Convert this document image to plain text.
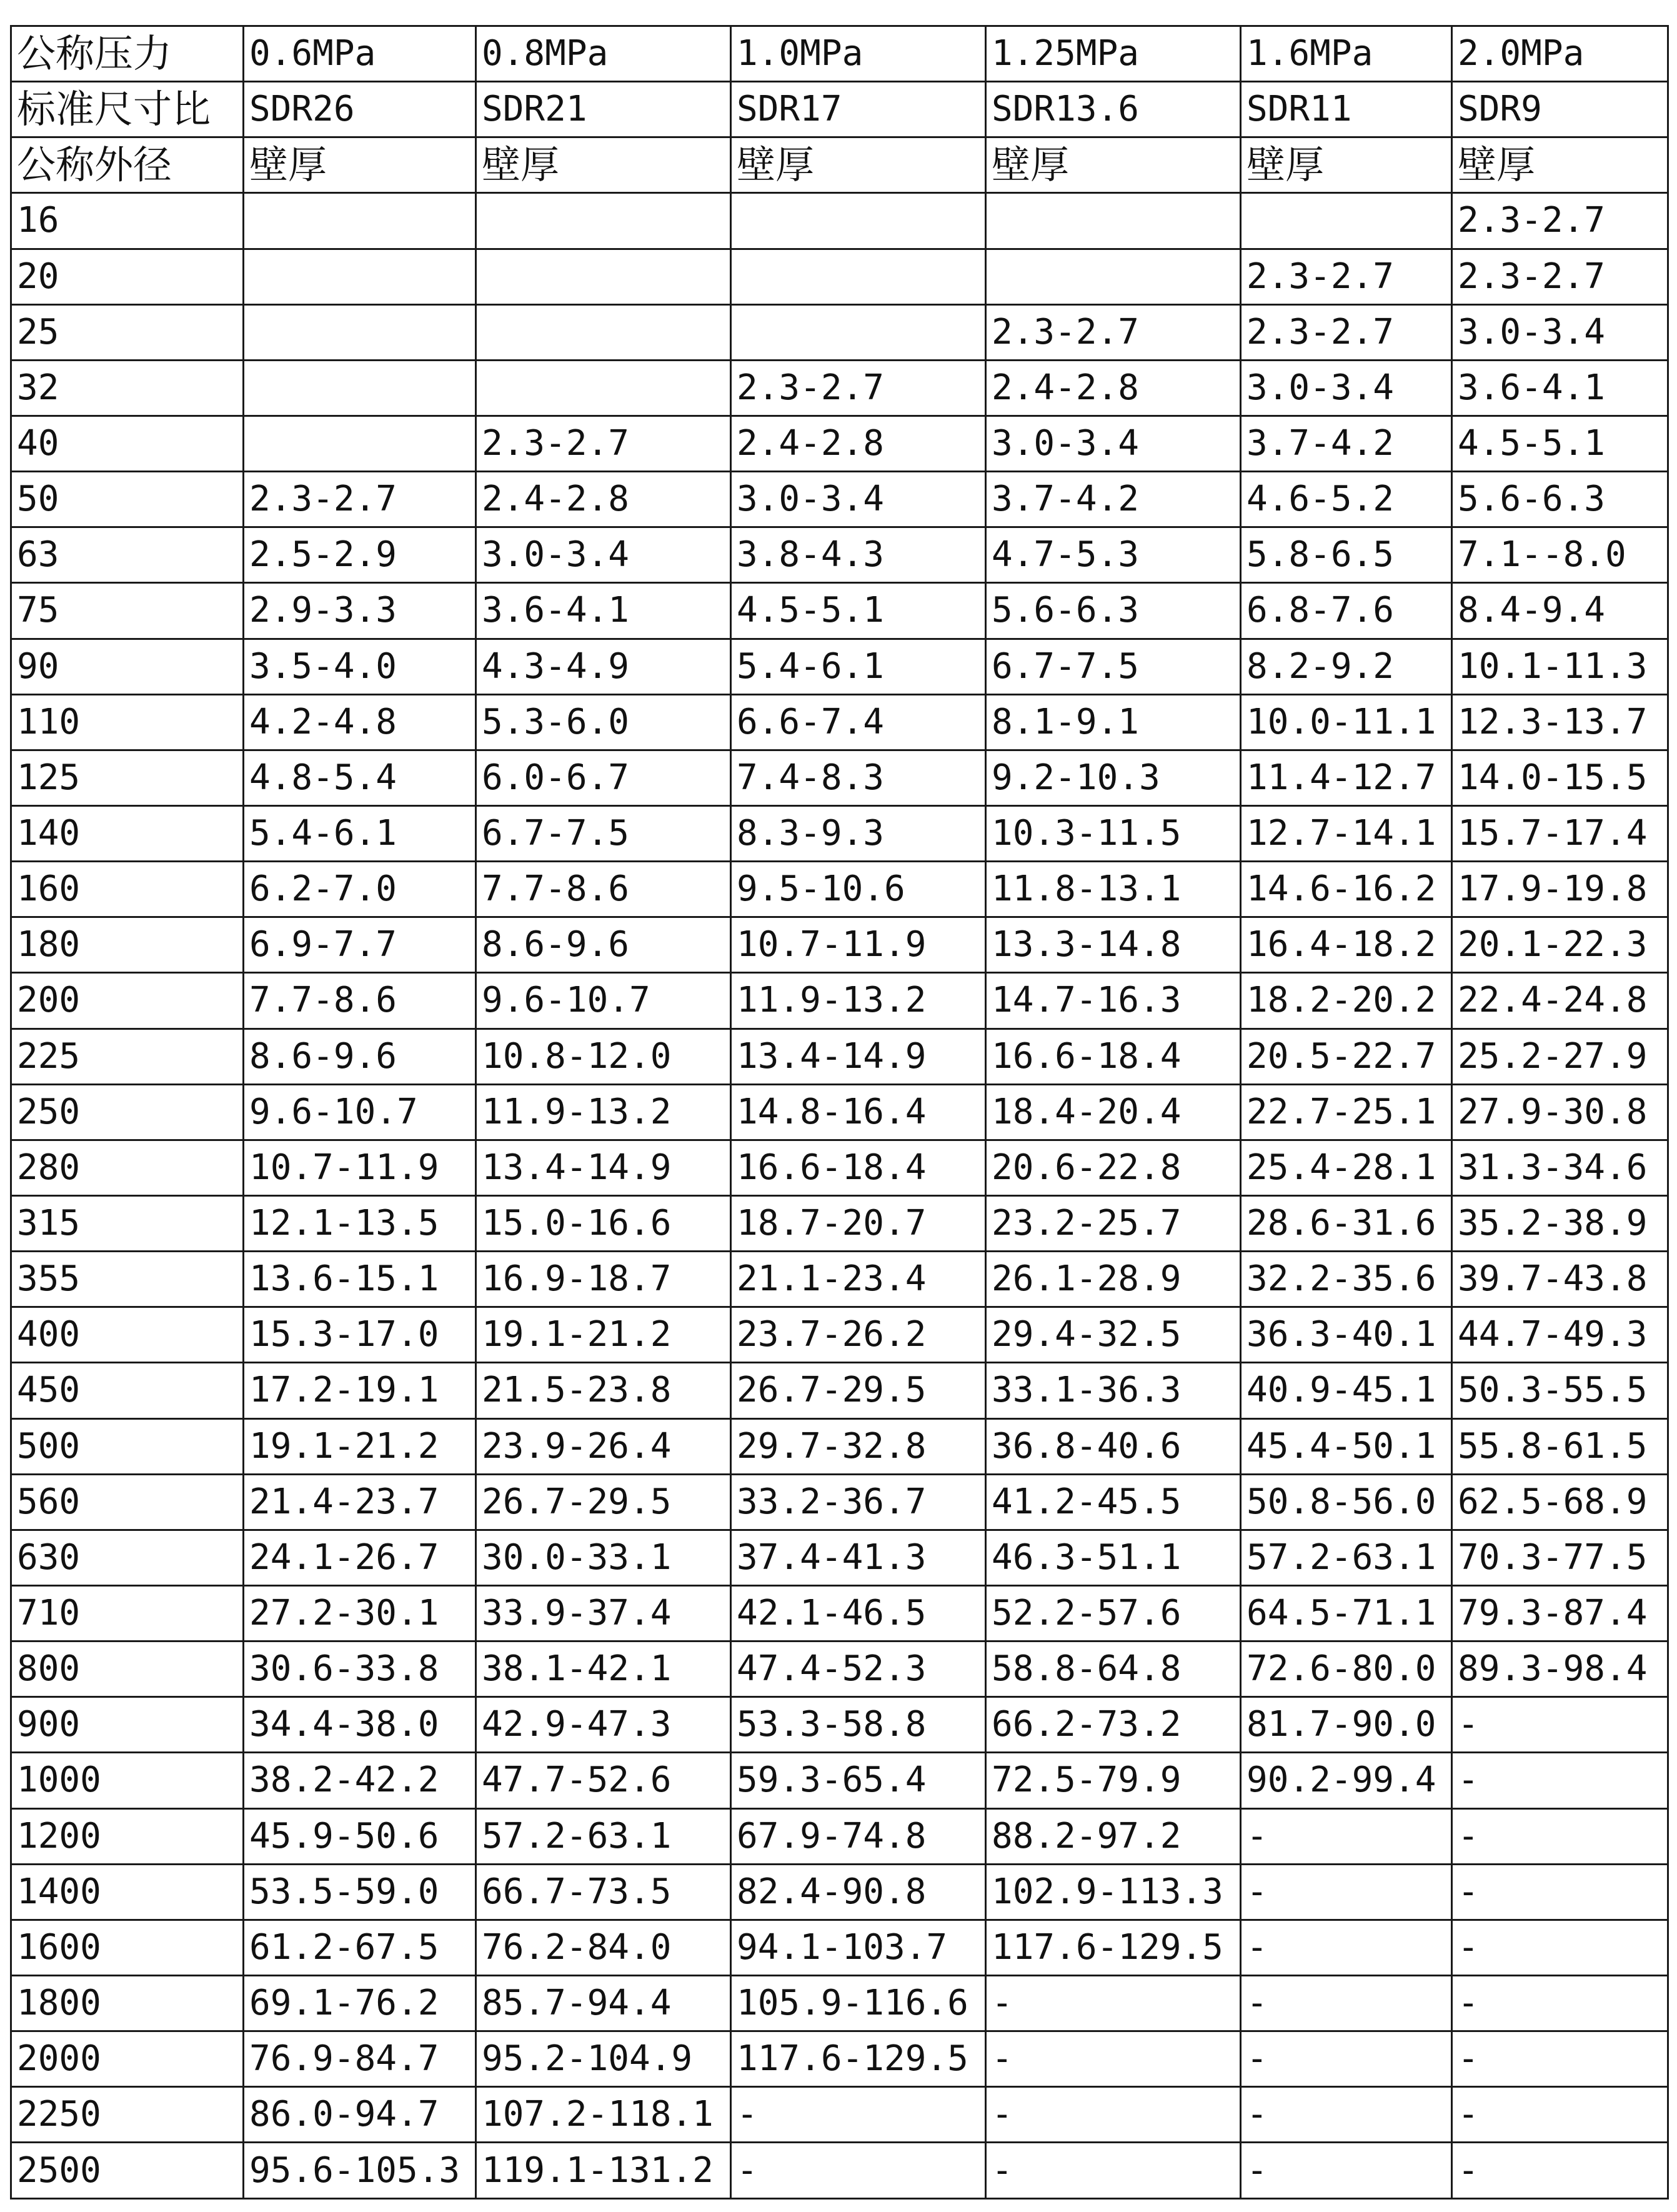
公称压力	0.6MPa	0.8MPa	1.0MPa	1.25MPa	1.6MPa	2.0MPa
标准尺寸比	SDR26	SDR21	SDR17	SDR13.6	SDR11	SDR9
公称外径	壁厚	壁厚	壁厚	壁厚	壁厚	壁厚
16						2.3-2.7
20					2.3-2.7	2.3-2.7
25				2.3-2.7	2.3-2.7	3.0-3.4
32			2.3-2.7	2.4-2.8	3.0-3.4	3.6-4.1
40		2.3-2.7	2.4-2.8	3.0-3.4	3.7-4.2	4.5-5.1
50	2.3-2.7	2.4-2.8	3.0-3.4	3.7-4.2	4.6-5.2	5.6-6.3
63	2.5-2.9	3.0-3.4	3.8-4.3	4.7-5.3	5.8-6.5	7.1--8.0
75	2.9-3.3	3.6-4.1	4.5-5.1	5.6-6.3	6.8-7.6	8.4-9.4
90	3.5-4.0	4.3-4.9	5.4-6.1	6.7-7.5	8.2-9.2	10.1-11.3
110	4.2-4.8	5.3-6.0	6.6-7.4	8.1-9.1	10.0-11.1	12.3-13.7
125	4.8-5.4	6.0-6.7	7.4-8.3	9.2-10.3	11.4-12.7	14.0-15.5
140	5.4-6.1	6.7-7.5	8.3-9.3	10.3-11.5	12.7-14.1	15.7-17.4
160	6.2-7.0	7.7-8.6	9.5-10.6	11.8-13.1	14.6-16.2	17.9-19.8
180	6.9-7.7	8.6-9.6	10.7-11.9	13.3-14.8	16.4-18.2	20.1-22.3
200	7.7-8.6	9.6-10.7	11.9-13.2	14.7-16.3	18.2-20.2	22.4-24.8
225	8.6-9.6	10.8-12.0	13.4-14.9	16.6-18.4	20.5-22.7	25.2-27.9
250	9.6-10.7	11.9-13.2	14.8-16.4	18.4-20.4	22.7-25.1	27.9-30.8
280	10.7-11.9	13.4-14.9	16.6-18.4	20.6-22.8	25.4-28.1	31.3-34.6
315	12.1-13.5	15.0-16.6	18.7-20.7	23.2-25.7	28.6-31.6	35.2-38.9
355	13.6-15.1	16.9-18.7	21.1-23.4	26.1-28.9	32.2-35.6	39.7-43.8
400	15.3-17.0	19.1-21.2	23.7-26.2	29.4-32.5	36.3-40.1	44.7-49.3
450	17.2-19.1	21.5-23.8	26.7-29.5	33.1-36.3	40.9-45.1	50.3-55.5
500	19.1-21.2	23.9-26.4	29.7-32.8	36.8-40.6	45.4-50.1	55.8-61.5
560	21.4-23.7	26.7-29.5	33.2-36.7	41.2-45.5	50.8-56.0	62.5-68.9
630	24.1-26.7	30.0-33.1	37.4-41.3	46.3-51.1	57.2-63.1	70.3-77.5
710	27.2-30.1	33.9-37.4	42.1-46.5	52.2-57.6	64.5-71.1	79.3-87.4
800	30.6-33.8	38.1-42.1	47.4-52.3	58.8-64.8	72.6-80.0	89.3-98.4
900	34.4-38.0	42.9-47.3	53.3-58.8	66.2-73.2	81.7-90.0	-
1000	38.2-42.2	47.7-52.6	59.3-65.4	72.5-79.9	90.2-99.4	-
1200	45.9-50.6	57.2-63.1	67.9-74.8	88.2-97.2	-	-
1400	53.5-59.0	66.7-73.5	82.4-90.8	102.9-113.3	-	-
1600	61.2-67.5	76.2-84.0	94.1-103.7	117.6-129.5	-	-
1800	69.1-76.2	85.7-94.4	105.9-116.6	-	-	-
2000	76.9-84.7	95.2-104.9	117.6-129.5	-	-	-
2250	86.0-94.7	107.2-118.1	-	-	-	-
2500	95.6-105.3	119.1-131.2	-	-	-	-
